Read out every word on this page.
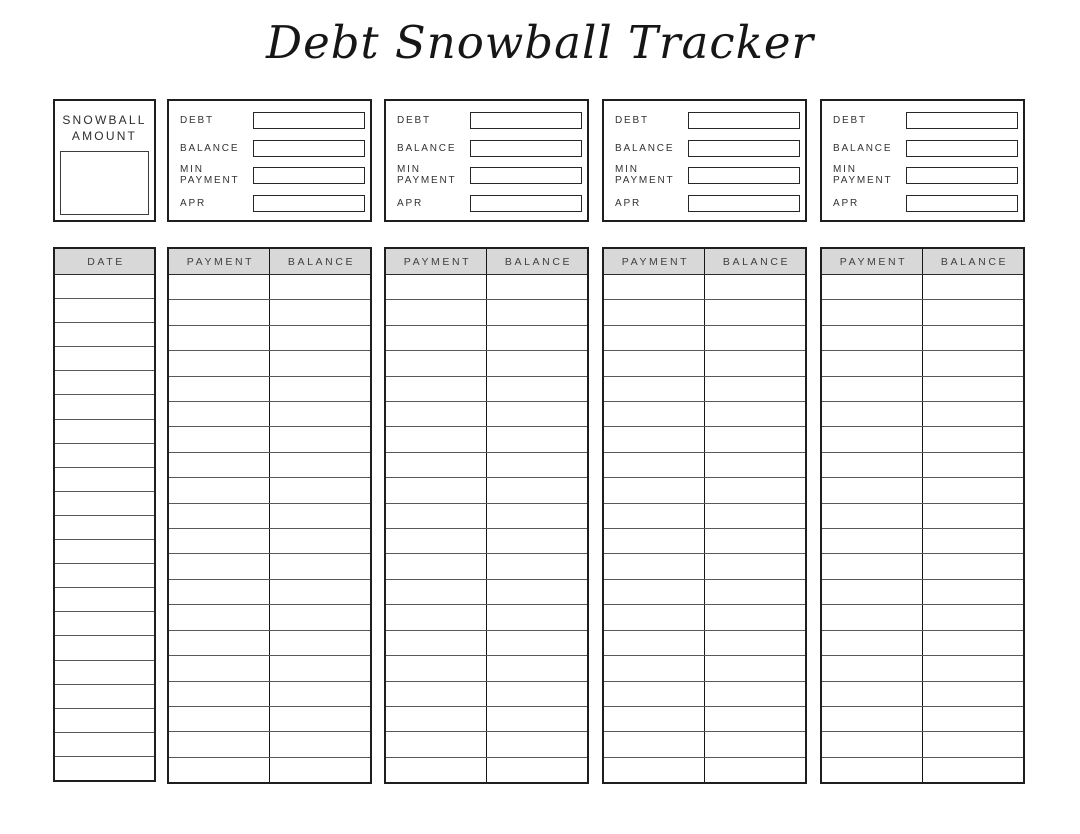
Debt Snowball Tracker
SNOWBALL
AMOUNT
DEBT
BALANCE
MIN
PAYMENT
APR
DEBT
BALANCE
MIN
PAYMENT
APR
DEBT
BALANCE
MIN
PAYMENT
APR
DEBT
BALANCE
MIN
PAYMENT
APR
DATE	PAYMENT	BALANCE	PAYMENT	BALANCE	PAYMENT	BALANCE	PAYMENT	BALANCE
